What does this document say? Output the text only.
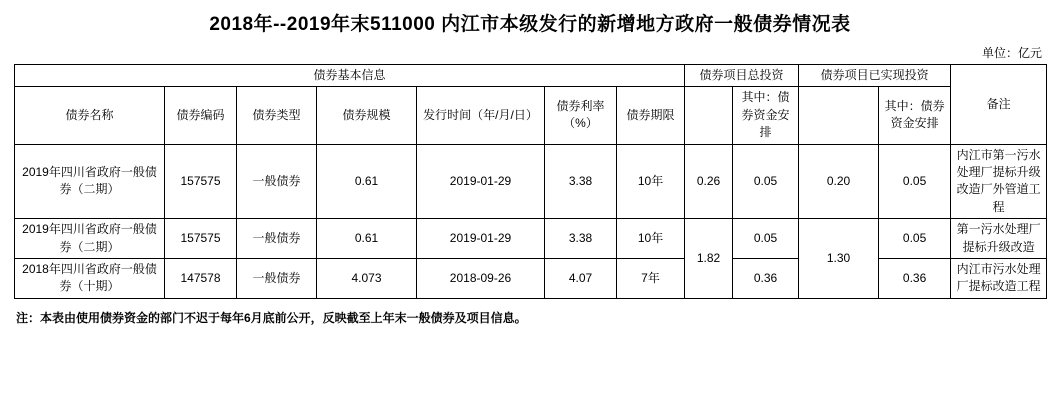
2018年--2019年末511000 内江市本级发行的新增地方政府一般债券情况表
单位：亿元
债券基本信息							债券项目总投资		债券项目已实现投资		备注
债券名称	债券编码	债券类型	债券规模	发行时间（年/月/日）	债券利率（%）	债券期限		其中：债券资金安排		其中：债券资金安排	
2019年四川省政府一般债券（二期）	157575	一般债券	0.61	2019-01-29	3.38	10年	0.26	0.05	0.20	0.05	内江市第一污水处理厂提标升级改造厂外管道工程
2019年四川省政府一般债券（二期）	157575	一般债券	0.61	2019-01-29	3.38	10年	1.82	0.05	1.30	0.05	第一污水处理厂提标升级改造
2018年四川省政府一般债券（十期）	147578	一般债券	4.073	2018-09-26	4.07	7年		0.36		0.36	内江市污水处理厂提标改造工程
注：本表由使用债券资金的部门不迟于每年6月底前公开，反映截至上年末一般债券及项目信息。
